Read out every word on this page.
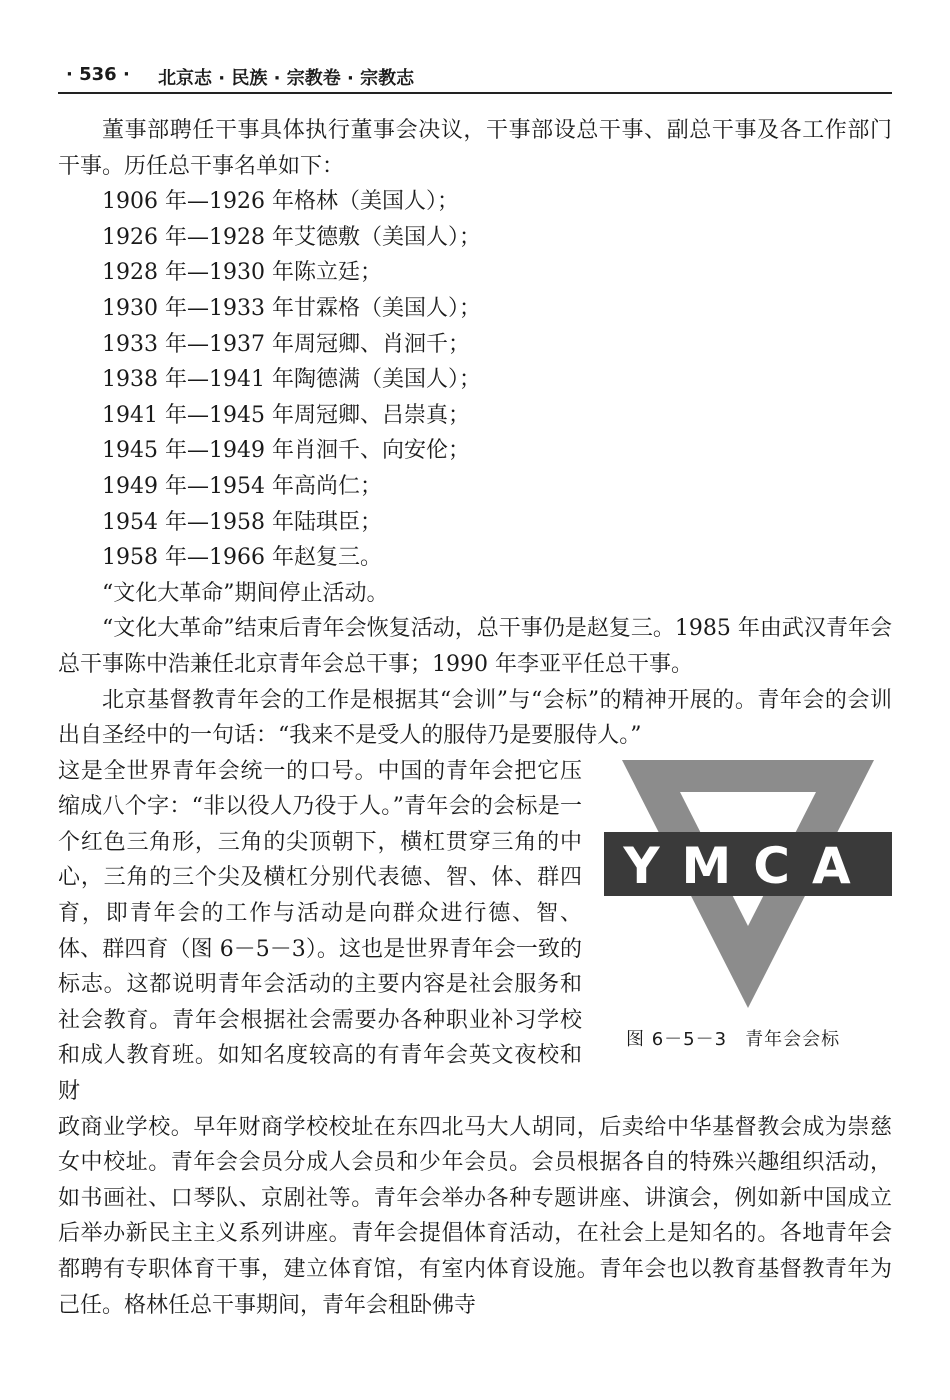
· 536 · 北京志 · 民族 · 宗教卷 · 宗教志

董事部聘任干事具体执行董事会决议，干事部设总干事、副总干事及各工作部门干事。历任总干事名单如下：

1906 年—1926 年格林（美国人）；
1926 年—1928 年艾德敷（美国人）；
1928 年—1930 年陈立廷；
1930 年—1933 年甘霖格（美国人）；
1933 年—1937 年周冠卿、肖洄千；
1938 年—1941 年陶德满（美国人）；
1941 年—1945 年周冠卿、吕崇真；
1945 年—1949 年肖洄千、向安伦；
1949 年—1954 年高尚仁；
1954 年—1958 年陆琪臣；
1958 年—1966 年赵复三。

“文化大革命”期间停止活动。

“文化大革命”结束后青年会恢复活动，总干事仍是赵复三。1985 年由武汉青年会总干事陈中浩兼任北京青年会总干事；1990 年李亚平任总干事。

北京基督教青年会的工作是根据其“会训”与“会标”的精神开展的。青年会的会训出自圣经中的一句话：“我来不是受人的服侍乃是要服侍人。”

这是全世界青年会统一的口号。中国的青年会把它压缩成八个字：“非以役人乃役于人。”青年会的会标是一个红色三角形，三角的尖顶朝下，横杠贯穿三角的中心，三角的三个尖及横杠分别代表德、智、体、群四育，即青年会的工作与活动是向群众进行德、智、体、群四育（图 6－5－3）。这也是世界青年会一致的标志。这都说明青年会活动的主要内容是社会服务和社会教育。青年会根据社会需要办各种职业补习学校和成人教育班。如知名度较高的有青年会英文夜校和财

YMCA
图 6－5－3 青年会会标

政商业学校。早年财商学校校址在东四北马大人胡同，后卖给中华基督教会成为崇慈女中校址。青年会会员分成人会员和少年会员。会员根据各自的特殊兴趣组织活动，如书画社、口琴队、京剧社等。青年会举办各种专题讲座、讲演会，例如新中国成立后举办新民主主义系列讲座。青年会提倡体育活动，在社会上是知名的。各地青年会都聘有专职体育干事，建立体育馆，有室内体育设施。青年会也以教育基督教青年为己任。格林任总干事期间，青年会租卧佛寺
